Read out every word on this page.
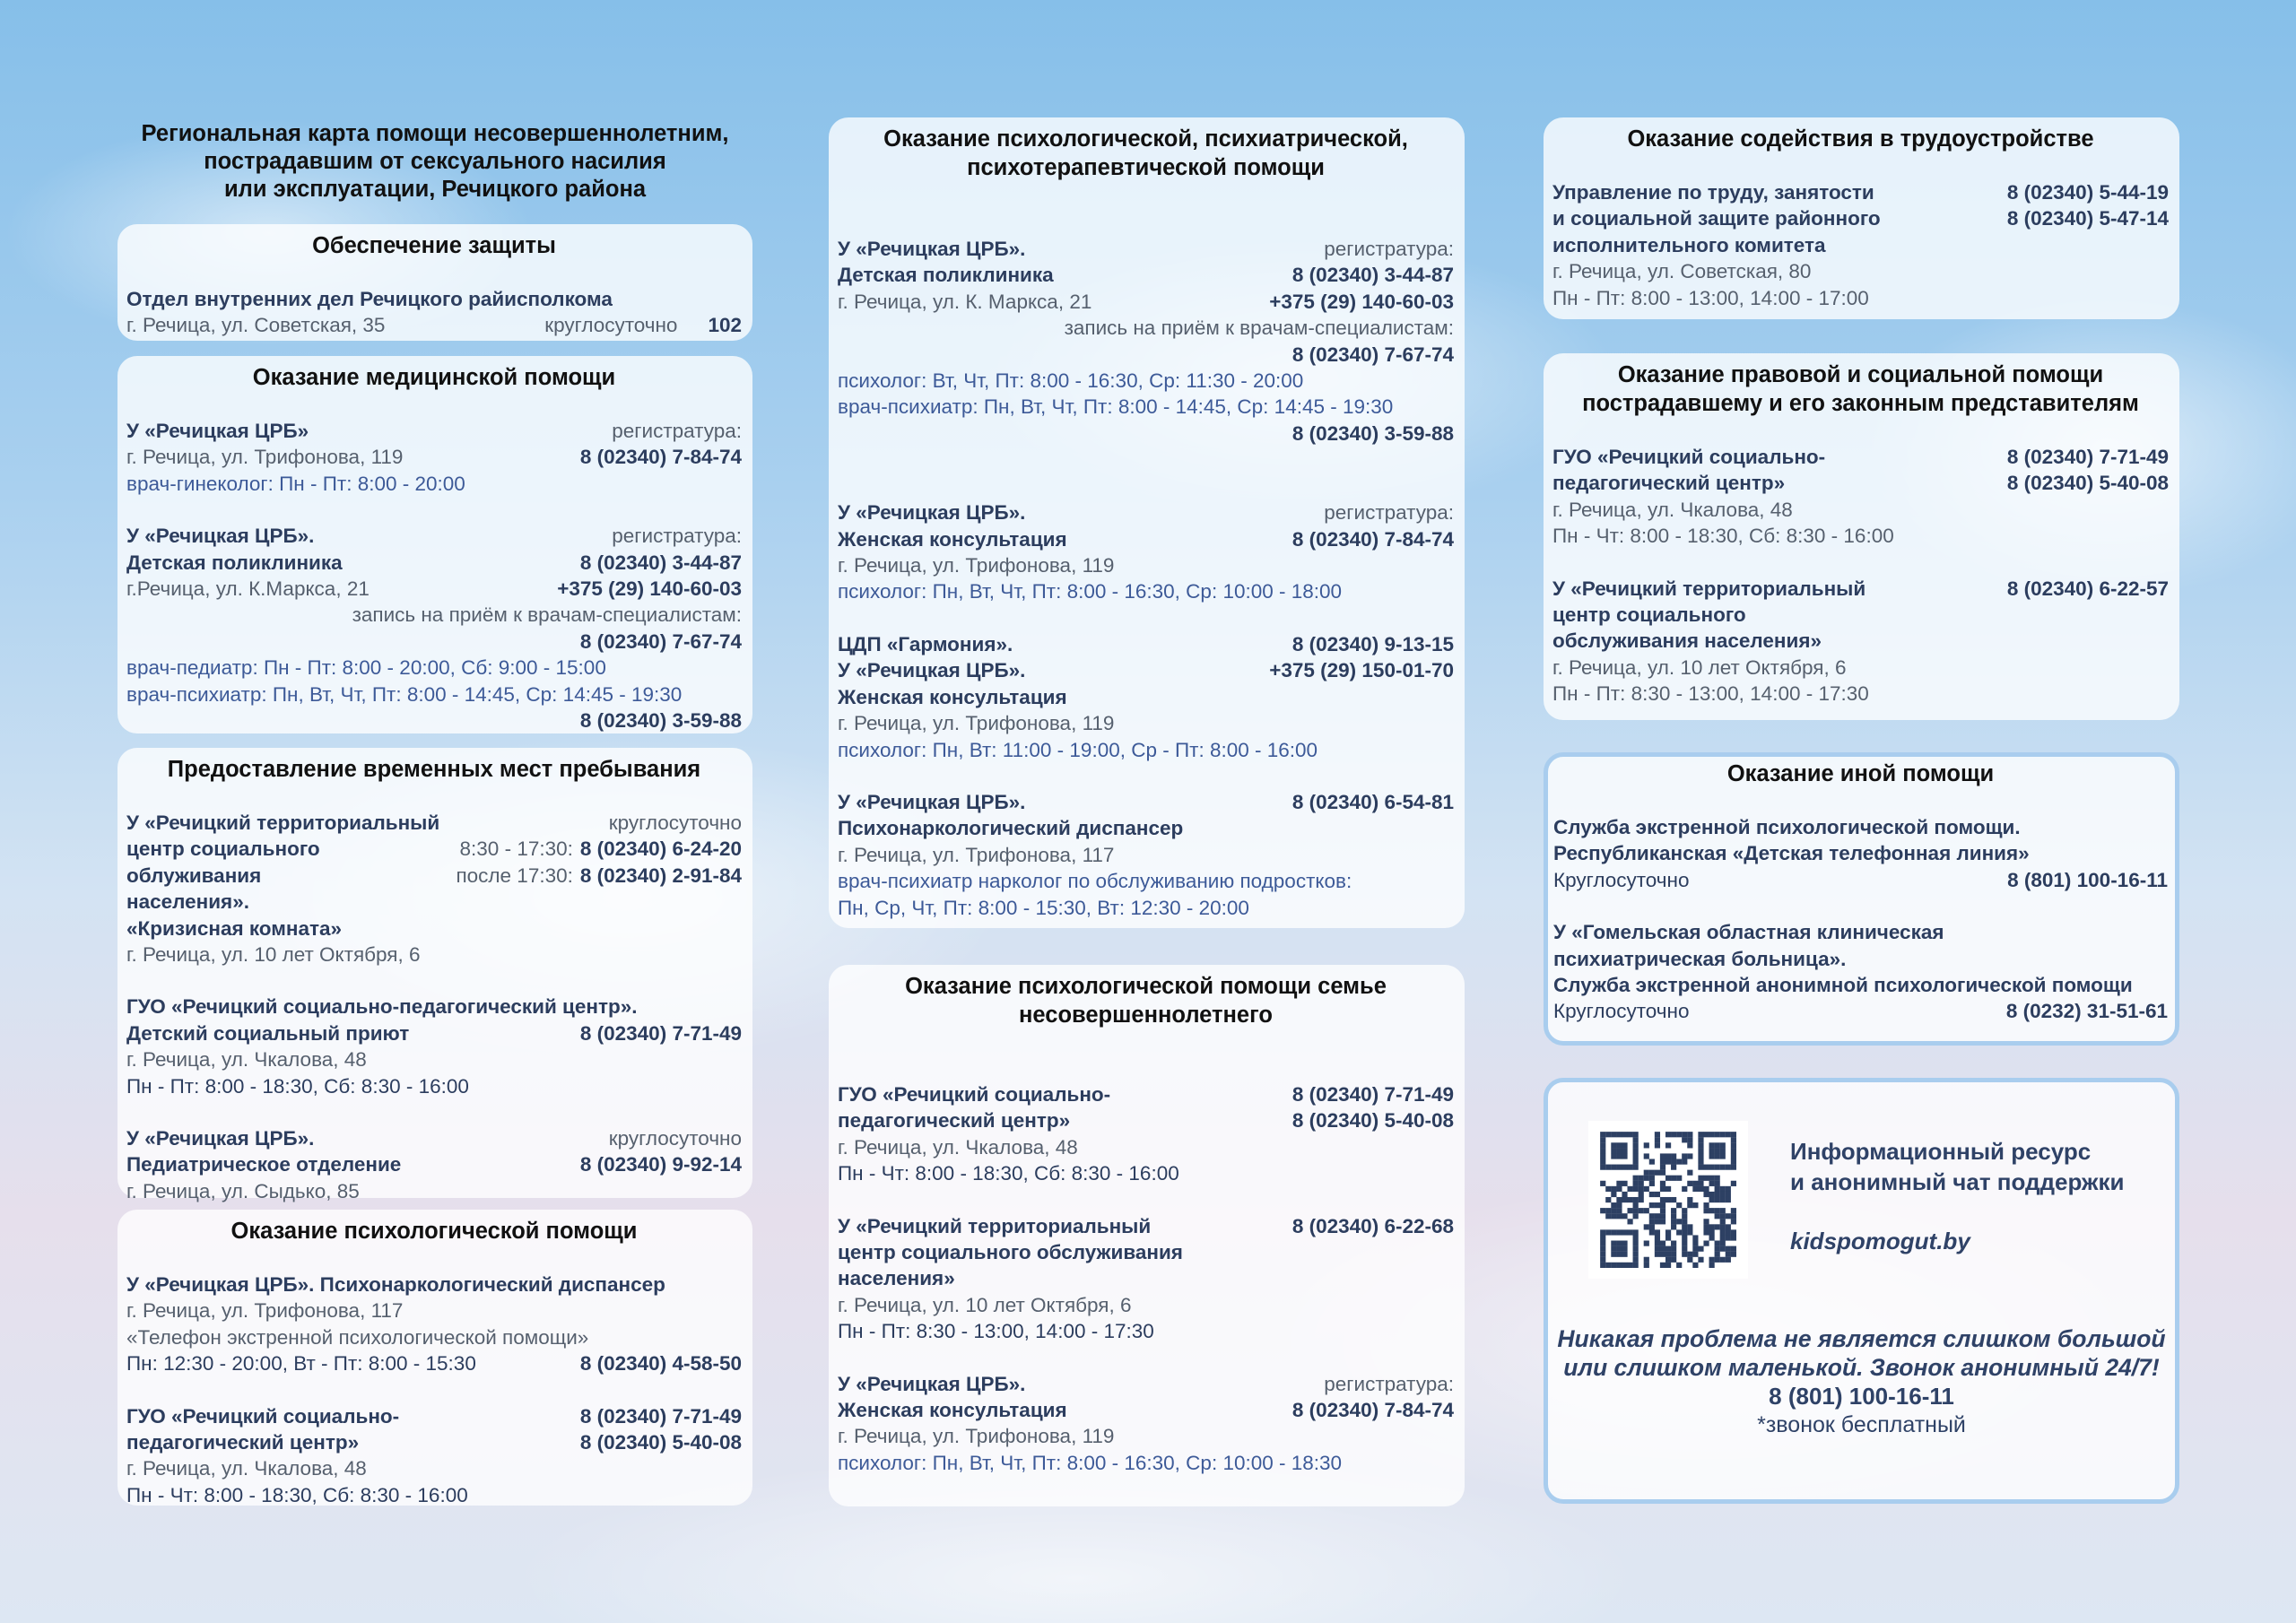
Региональная карта помощи несовершеннолетним,
пострадавшим от сексуального насилия
или эксплуатации, Речицкого района
Обеспечение защиты
Отдел внутренних дел Речицкого райисполкома
г. Речица, ул. Советская, 35	круглосуточно 102
Оказание медицинской помощи
У «Речицкая ЦРБ»	регистратура:
г. Речица, ул. Трифонова, 119	8 (02340) 7-84-74
врач-гинеколог: Пн - Пт: 8:00 - 20:00
У «Речицкая ЦРБ».	регистратура:
Детская поликлиника	8 (02340) 3-44-87
г.Речица, ул. К.Маркса, 21	+375 (29) 140-60-03
запись на приём к врачам-специалистам:
8 (02340) 7-67-74
врач-педиатр: Пн - Пт: 8:00 - 20:00, Сб: 9:00 - 15:00
врач-психиатр: Пн, Вт, Чт, Пт: 8:00 - 14:45, Ср: 14:45 - 19:30
8 (02340) 3-59-88
Предоставление временных мест пребывания
У «Речицкий территориальный	круглосуточно
центр социального	8:30 - 17:30: 8 (02340) 6-24-20
облуживания	после 17:30: 8 (02340) 2-91-84
населения».
«Кризисная комната»
г. Речица, ул. 10 лет Октября, 6
ГУО «Речицкий социально-педагогический центр».
Детский социальный приют	8 (02340) 7-71-49
г. Речица, ул. Чкалова, 48
Пн - Пт: 8:00 - 18:30, Сб: 8:30 - 16:00
У «Речицкая ЦРБ».	круглосуточно
Педиатрическое отделение	8 (02340) 9-92-14
г. Речица, ул. Сыдько, 85
Оказание психологической помощи
У «Речицкая ЦРБ». Психонаркологический диспансер
г. Речица, ул. Трифонова, 117
«Телефон экстренной психологической помощи»
Пн: 12:30 - 20:00, Вт - Пт: 8:00 - 15:30	8 (02340) 4-58-50
ГУО «Речицкий социально-	8 (02340) 7-71-49
педагогический центр»	8 (02340) 5-40-08
г. Речица, ул. Чкалова, 48
Пн - Чт: 8:00 - 18:30, Сб: 8:30 - 16:00
Оказание психологической, психиатрической,
психотерапевтической помощи
У «Речицкая ЦРБ».	регистратура:
Детская поликлиника	8 (02340) 3-44-87
г. Речица, ул. К. Маркса, 21	+375 (29) 140-60-03
запись на приём к врачам-специалистам:
8 (02340) 7-67-74
психолог: Вт, Чт, Пт: 8:00 - 16:30, Ср: 11:30 - 20:00
врач-психиатр: Пн, Вт, Чт, Пт: 8:00 - 14:45, Ср: 14:45 - 19:30
8 (02340) 3-59-88
У «Речицкая ЦРБ».	регистратура:
Женская консультация	8 (02340) 7-84-74
г. Речица, ул. Трифонова, 119
психолог: Пн, Вт, Чт, Пт: 8:00 - 16:30, Ср: 10:00 - 18:00
ЦДП «Гармония».	8 (02340) 9-13-15
У «Речицкая ЦРБ».	+375 (29) 150-01-70
Женская консультация
г. Речица, ул. Трифонова, 119
психолог: Пн, Вт: 11:00 - 19:00, Ср - Пт: 8:00 - 16:00
У «Речицкая ЦРБ».	8 (02340) 6-54-81
Психонаркологический диспансер
г. Речица, ул. Трифонова, 117
врач-психиатр нарколог по обслуживанию подростков:
Пн, Ср, Чт, Пт: 8:00 - 15:30, Вт: 12:30 - 20:00
Оказание психологической помощи семье
несовершеннолетнего
ГУО «Речицкий социально-	8 (02340) 7-71-49
педагогический центр»	8 (02340) 5-40-08
г. Речица, ул. Чкалова, 48
Пн - Чт: 8:00 - 18:30, Сб: 8:30 - 16:00
У «Речицкий территориальный	8 (02340) 6-22-68
центр социального обслуживания
населения»
г. Речица, ул. 10 лет Октября, 6
Пн - Пт: 8:30 - 13:00, 14:00 - 17:30
У «Речицкая ЦРБ».	регистратура:
Женская консультация	8 (02340) 7-84-74
г. Речица, ул. Трифонова, 119
психолог: Пн, Вт, Чт, Пт: 8:00 - 16:30, Ср: 10:00 - 18:30
Оказание содействия в трудоустройстве
Управление по труду, занятости	8 (02340) 5-44-19
и социальной защите районного	8 (02340) 5-47-14
исполнительного комитета
г. Речица, ул. Советская, 80
Пн - Пт: 8:00 - 13:00, 14:00 - 17:00
Оказание правовой и социальной помощи
пострадавшему и его законным представителям
ГУО «Речицкий социально-	8 (02340) 7-71-49
педагогический центр»	8 (02340) 5-40-08
г. Речица, ул. Чкалова, 48
Пн - Чт: 8:00 - 18:30, Сб: 8:30 - 16:00
У «Речицкий территориальный	8 (02340) 6-22-57
центр социального
обслуживания населения»
г. Речица, ул. 10 лет Октября, 6
Пн - Пт: 8:30 - 13:00, 14:00 - 17:30
Оказание иной помощи
Служба экстренной психологической помощи.
Республиканская «Детская телефонная линия»
Круглосуточно	8 (801) 100-16-11
У «Гомельская областная клиническая
психиатрическая больница».
Служба экстренной анонимной психологической помощи
Круглосуточно	8 (0232) 31-51-61
Информационный ресурс
и анонимный чат поддержки
kidspomogut.by
Никакая проблема не является слишком большой
или слишком маленькой. Звонок анонимный 24/7!
8 (801) 100-16-11
*звонок бесплатный
